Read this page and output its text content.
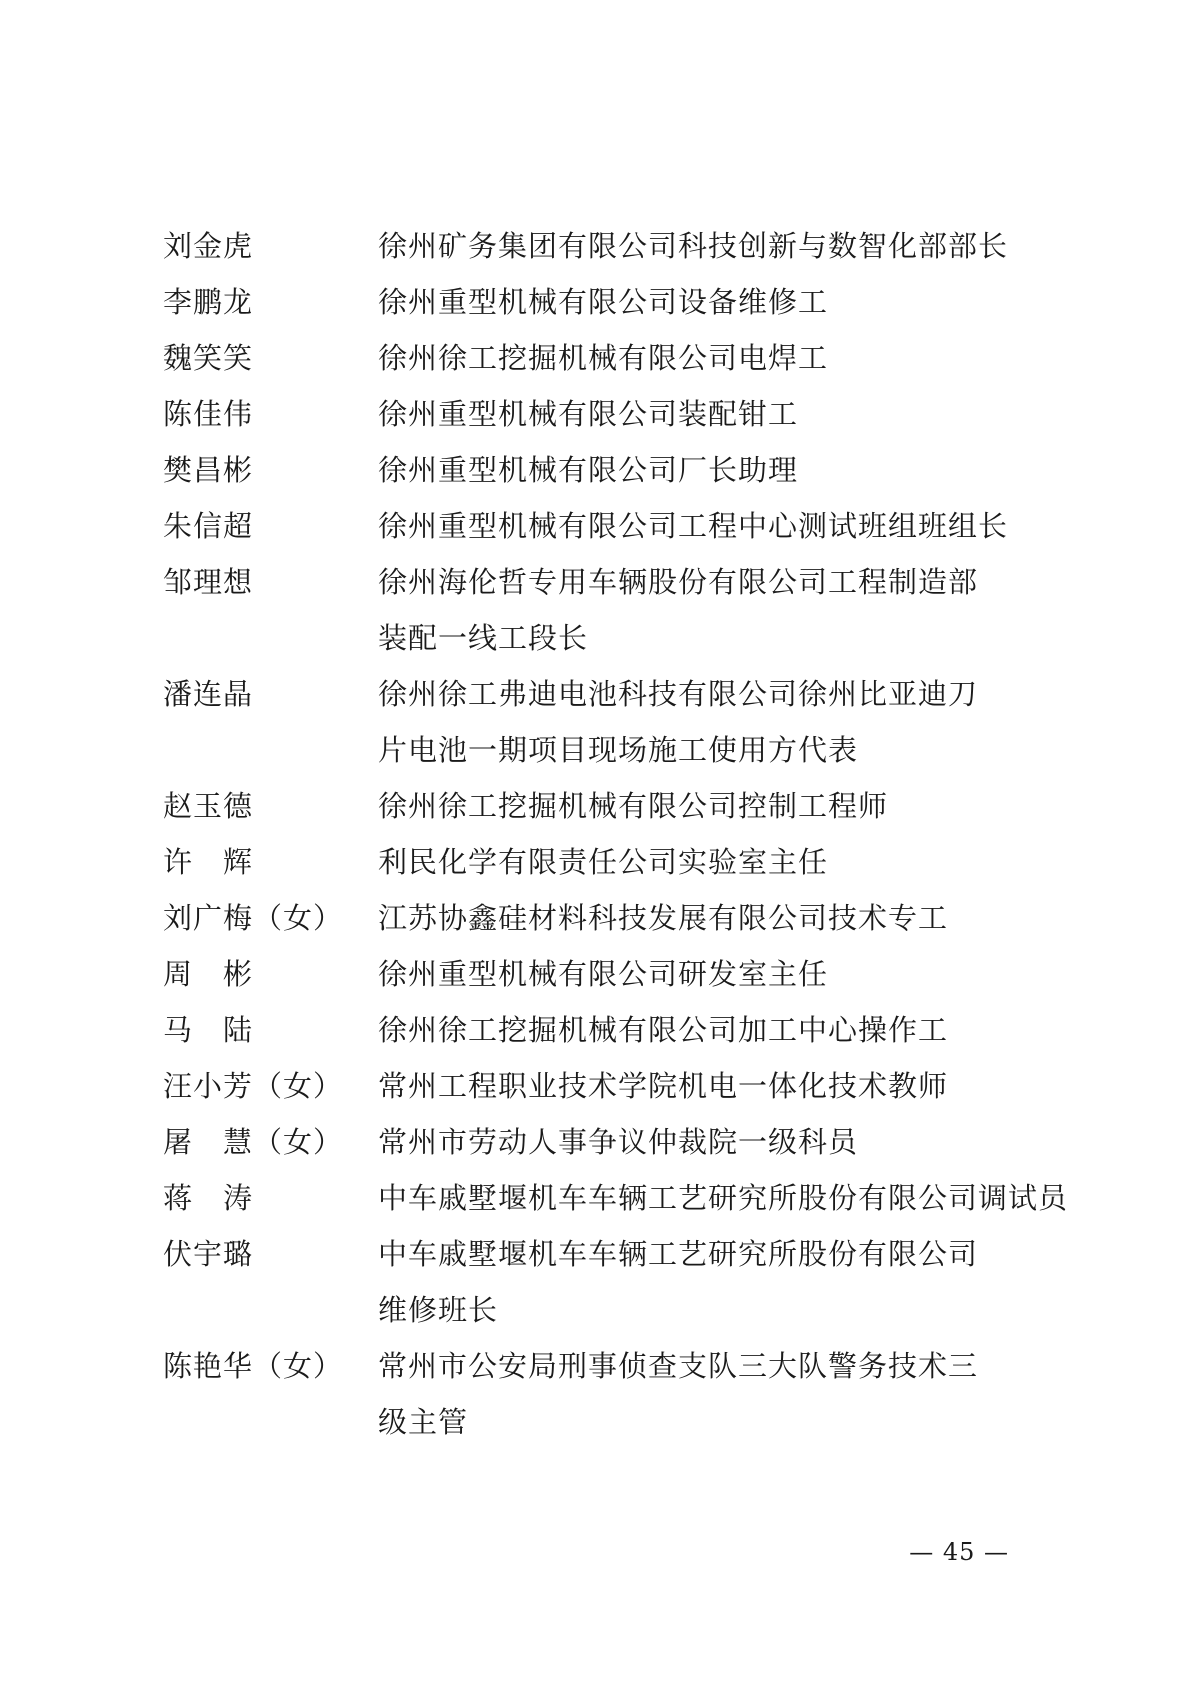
刘金虎	徐州矿务集团有限公司科技创新与数智化部部长
李鹏龙	徐州重型机械有限公司设备维修工
魏笑笑	徐州徐工挖掘机械有限公司电焊工
陈佳伟	徐州重型机械有限公司装配钳工
樊昌彬	徐州重型机械有限公司厂长助理
朱信超	徐州重型机械有限公司工程中心测试班组班组长
邹理想	徐州海伦哲专用车辆股份有限公司工程制造部
装配一线工段长
潘连晶	徐州徐工弗迪电池科技有限公司徐州比亚迪刀
片电池一期项目现场施工使用方代表
赵玉德	徐州徐工挖掘机械有限公司控制工程师
许　辉	利民化学有限责任公司实验室主任
刘广梅（女）	江苏协鑫硅材料科技发展有限公司技术专工
周　彬	徐州重型机械有限公司研发室主任
马　陆	徐州徐工挖掘机械有限公司加工中心操作工
汪小芳（女）	常州工程职业技术学院机电一体化技术教师
屠　慧（女）	常州市劳动人事争议仲裁院一级科员
蒋　涛	中车戚墅堰机车车辆工艺研究所股份有限公司调试员
伏宇璐	中车戚墅堰机车车辆工艺研究所股份有限公司
维修班长
陈艳华（女）	常州市公安局刑事侦查支队三大队警务技术三
级主管
— 45 —
